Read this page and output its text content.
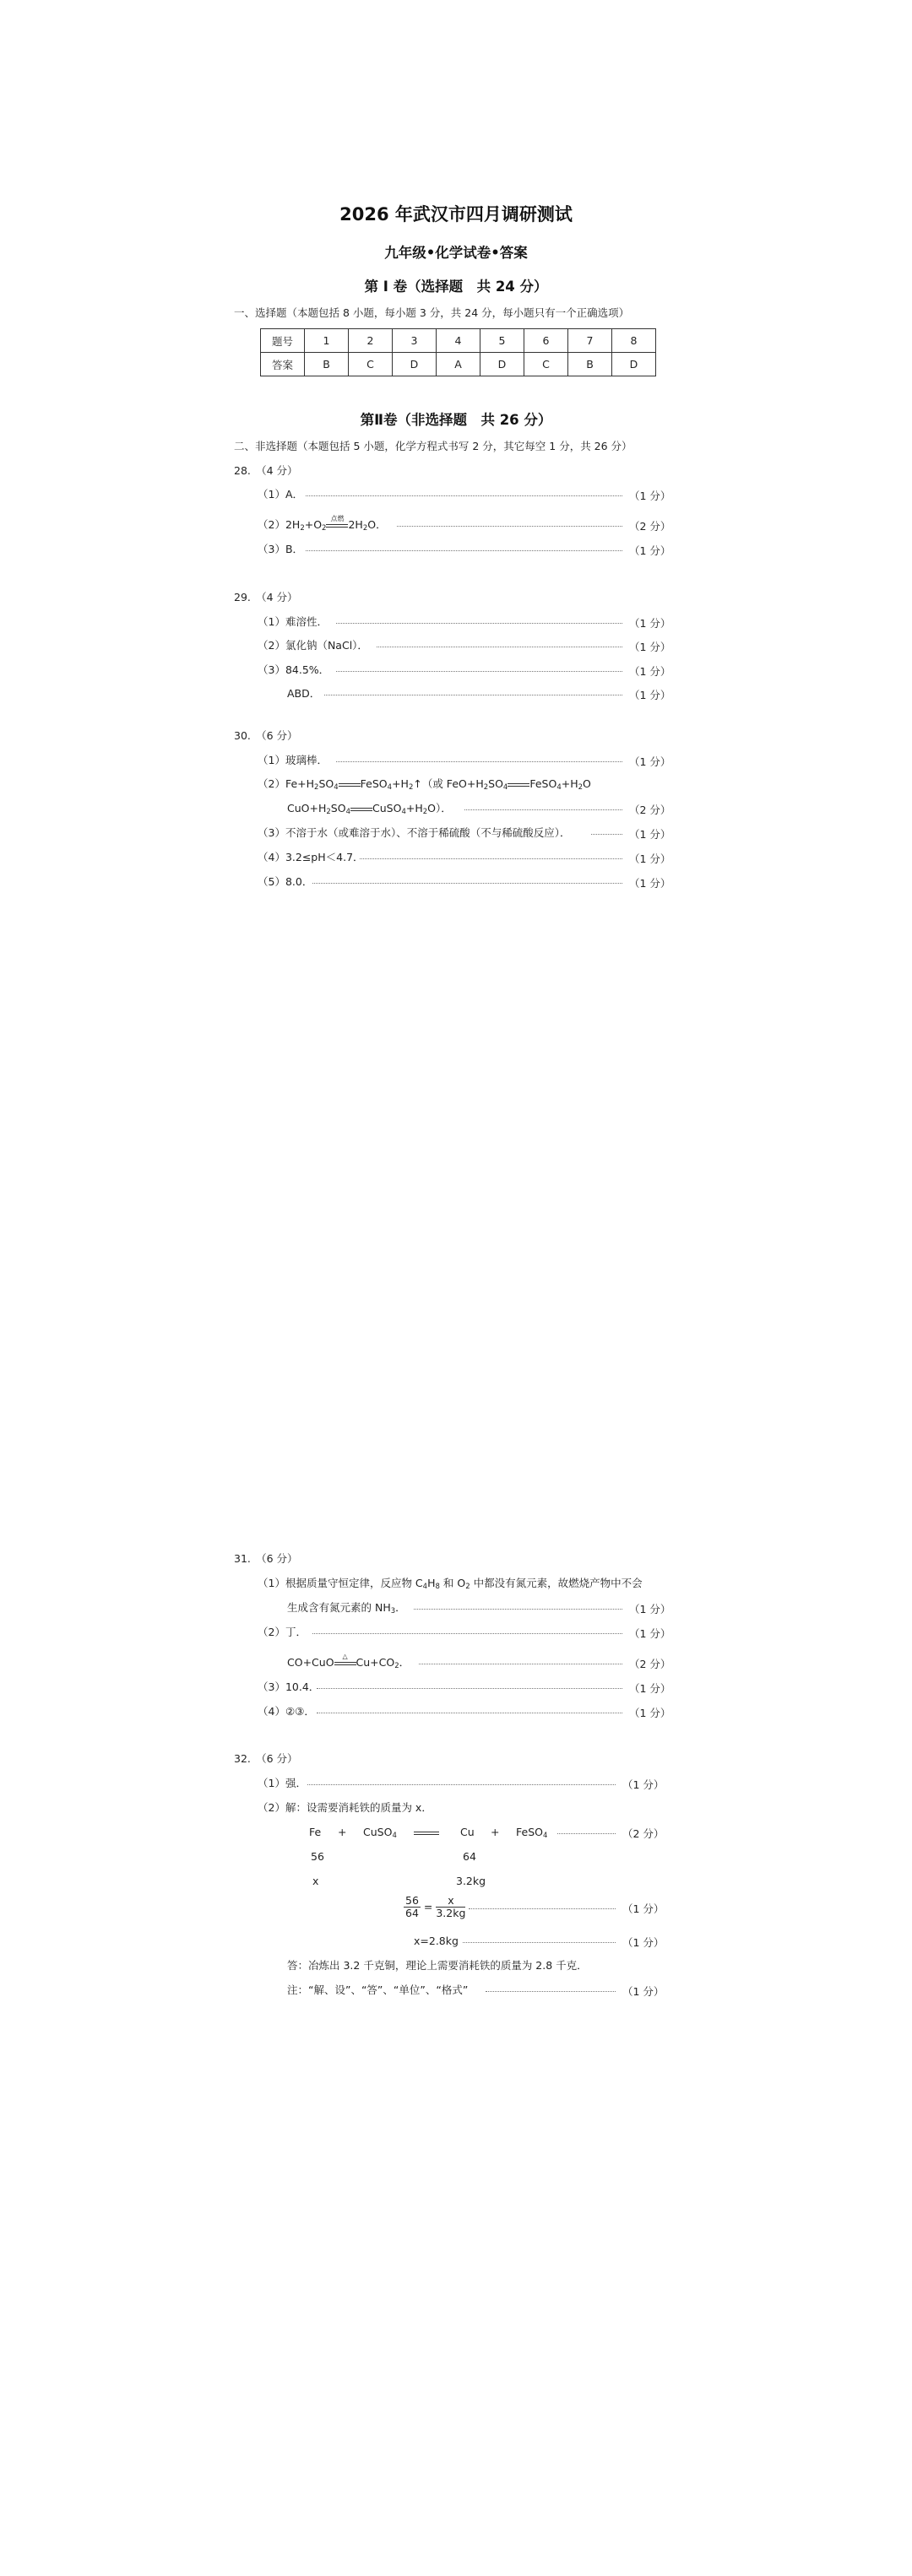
2026 年武汉市四月调研测试
九年级•化学试卷•答案
第 I 卷（选择题　共 24 分）
一、选择题（本题包括 8 小题，每小题 3 分，共 24 分，每小题只有一个正确选项）
题号	1	2	3	4	5	6	7	8
答案	B	C	D	A	D	C	B	D
第Ⅱ卷（非选择题　共 26 分）
二、非选择题（本题包括 5 小题，化学方程式书写 2 分，其它每空 1 分，共 26 分）
28.　（4 分）
（1）A．	（1 分）
$(2)2H_2+O_2$
点燃 $2H_2O$．	（2 分）
（3）B．	（1 分）
29.　（4 分）
（1）难溶性．	（1 分）
（2）氯化钠（NaCl）．	（1 分）
（3）84.5%．	（1 分）
ABD．	（1 分）
30.　（6 分）
（1）玻璃棒．	（1 分）
$(2)Fe+H_2SO_4$ $FeSO_4+H_2↑$（或 $FeO+H_2SO_4$ $FeSO_4+H_2O$
$CuO+H_2SO_4$ $CuSO_4+H_2O$）．	（2 分）
（3）不溶于水（或难溶于水）、不溶于稀硫酸（不与稀硫酸反应）．	（1 分）
（4）3.2≤pH＜4.7．	（1 分）
（5）8.0．	（1 分）
31.　（6 分）
（1）根据质量守恒定律，反应物 $C_4H_8$ 和 $O_2$ 中都没有氮元素，故燃烧产物中不会
生成含有氮元素的 $NH_3$．	（1 分）
（2）丁．	（1 分）
CO+CuO	△ $Cu+CO_2$．	（2 分）
（3）10.4．	（1 分）
（4）②③．	（1 分）
32.　（6 分）
（1）强．	（1 分）
（2）解：设需要消耗铁的质量为 x．
Fe + CuSO$_4$	Cu + FeSO$_4$	（2 分）
56	64
x	3.2kg
$\frac{56}{64} = \frac{x}{3.2kg}$	（1 分）
x=2.8kg	（1 分）
答：冶炼出 3.2 千克铜，理论上需要消耗铁的质量为 2.8 千克．
注：“解、设”、“答”、“单位”、“格式”	（1 分）
